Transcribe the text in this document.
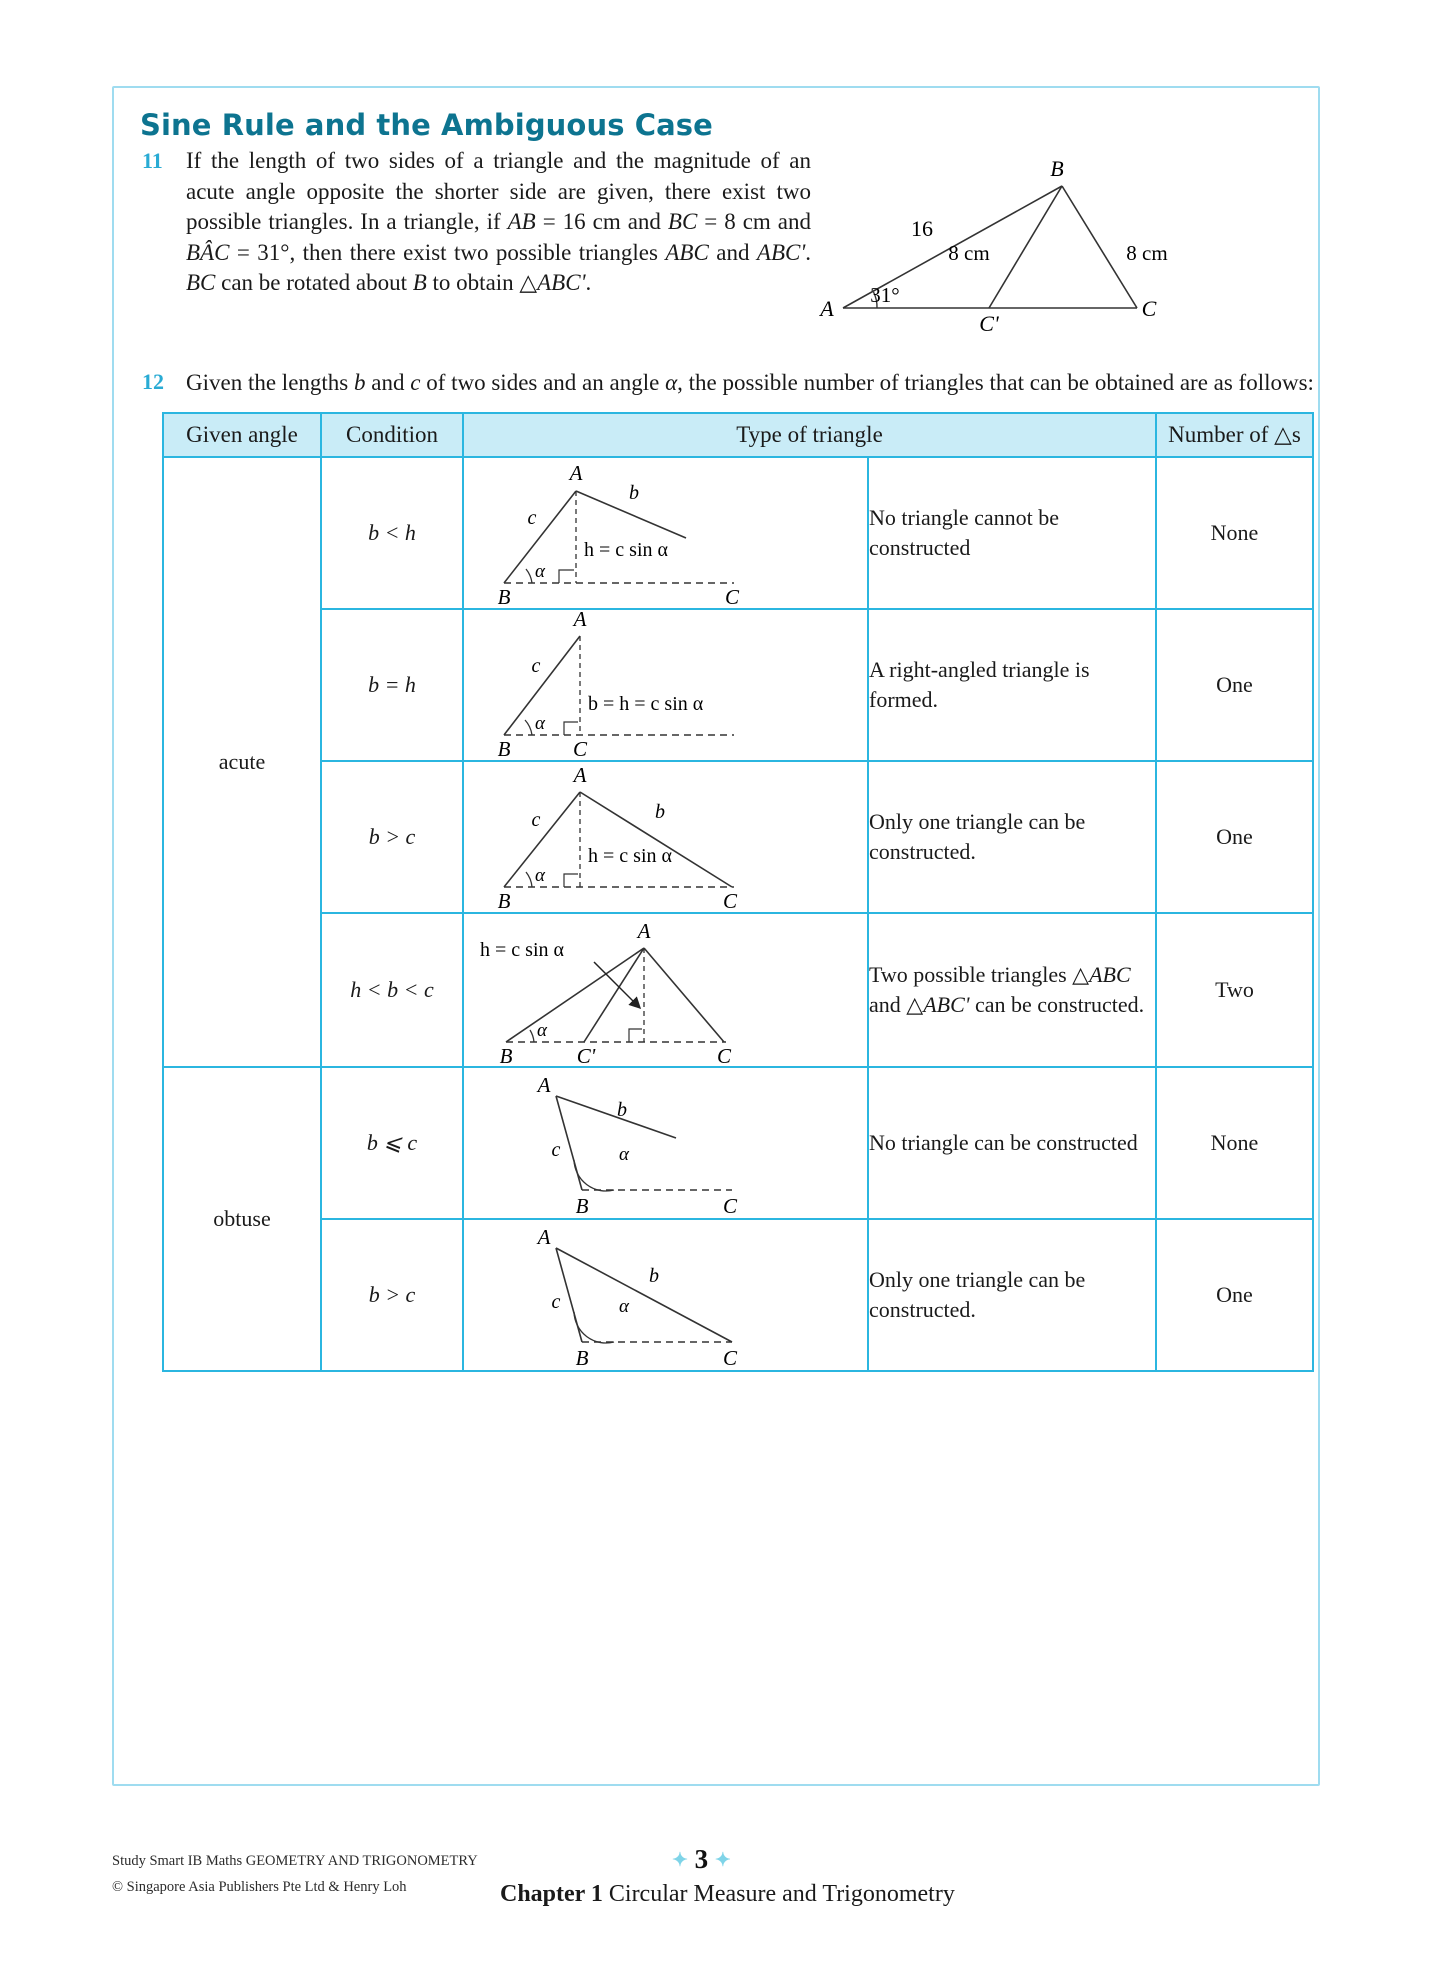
Sine Rule and the Ambiguous Case
11	If the length of two sides of a triangle and the magnitude of an acute angle opposite the shorter side are given, there exist two possible triangles. In a triangle, if AB = 16 cm and BC = 8 cm and BÂC = 31°, then there exist two possible triangles ABC and ABC'. BC can be rotated about B to obtain △ABC'.

B
A	C
C'
16
8 cm	8 cm
31°
12 Given the lengths b and c of two sides and an angle α, the possible number of triangles that can be obtained are as follows:

Given angle	Condition	Type of triangle		Number of △s
acute	b < h	
A
B	C
c
b
α
h = c sin α
	No triangle cannot be constructed	None
b = h	
A
B	C
c
α
b = h = c sin α
	A right-angled triangle is formed.	One
b > c	
A
B	C
c	b
α
h = c sin α
	Only one triangle can be constructed.	One
h < b < c	
A
B	C'	C
α
h = c sin α
	Two possible triangles △ABC and △ABC' can be constructed.	Two
obtuse	b ⩽ c	
A
B	C
b
c	α	No triangle can be constructed	None
b > c	
A
B	C
b
c	α
	Only one triangle can be constructed.	One
Study Smart IB Maths GEOMETRY AND TRIGONOMETRY
© Singapore Asia Publishers Pte Ltd & Henry Loh
✦ 3 ✦
Chapter 1 Circular Measure and Trigonometry
